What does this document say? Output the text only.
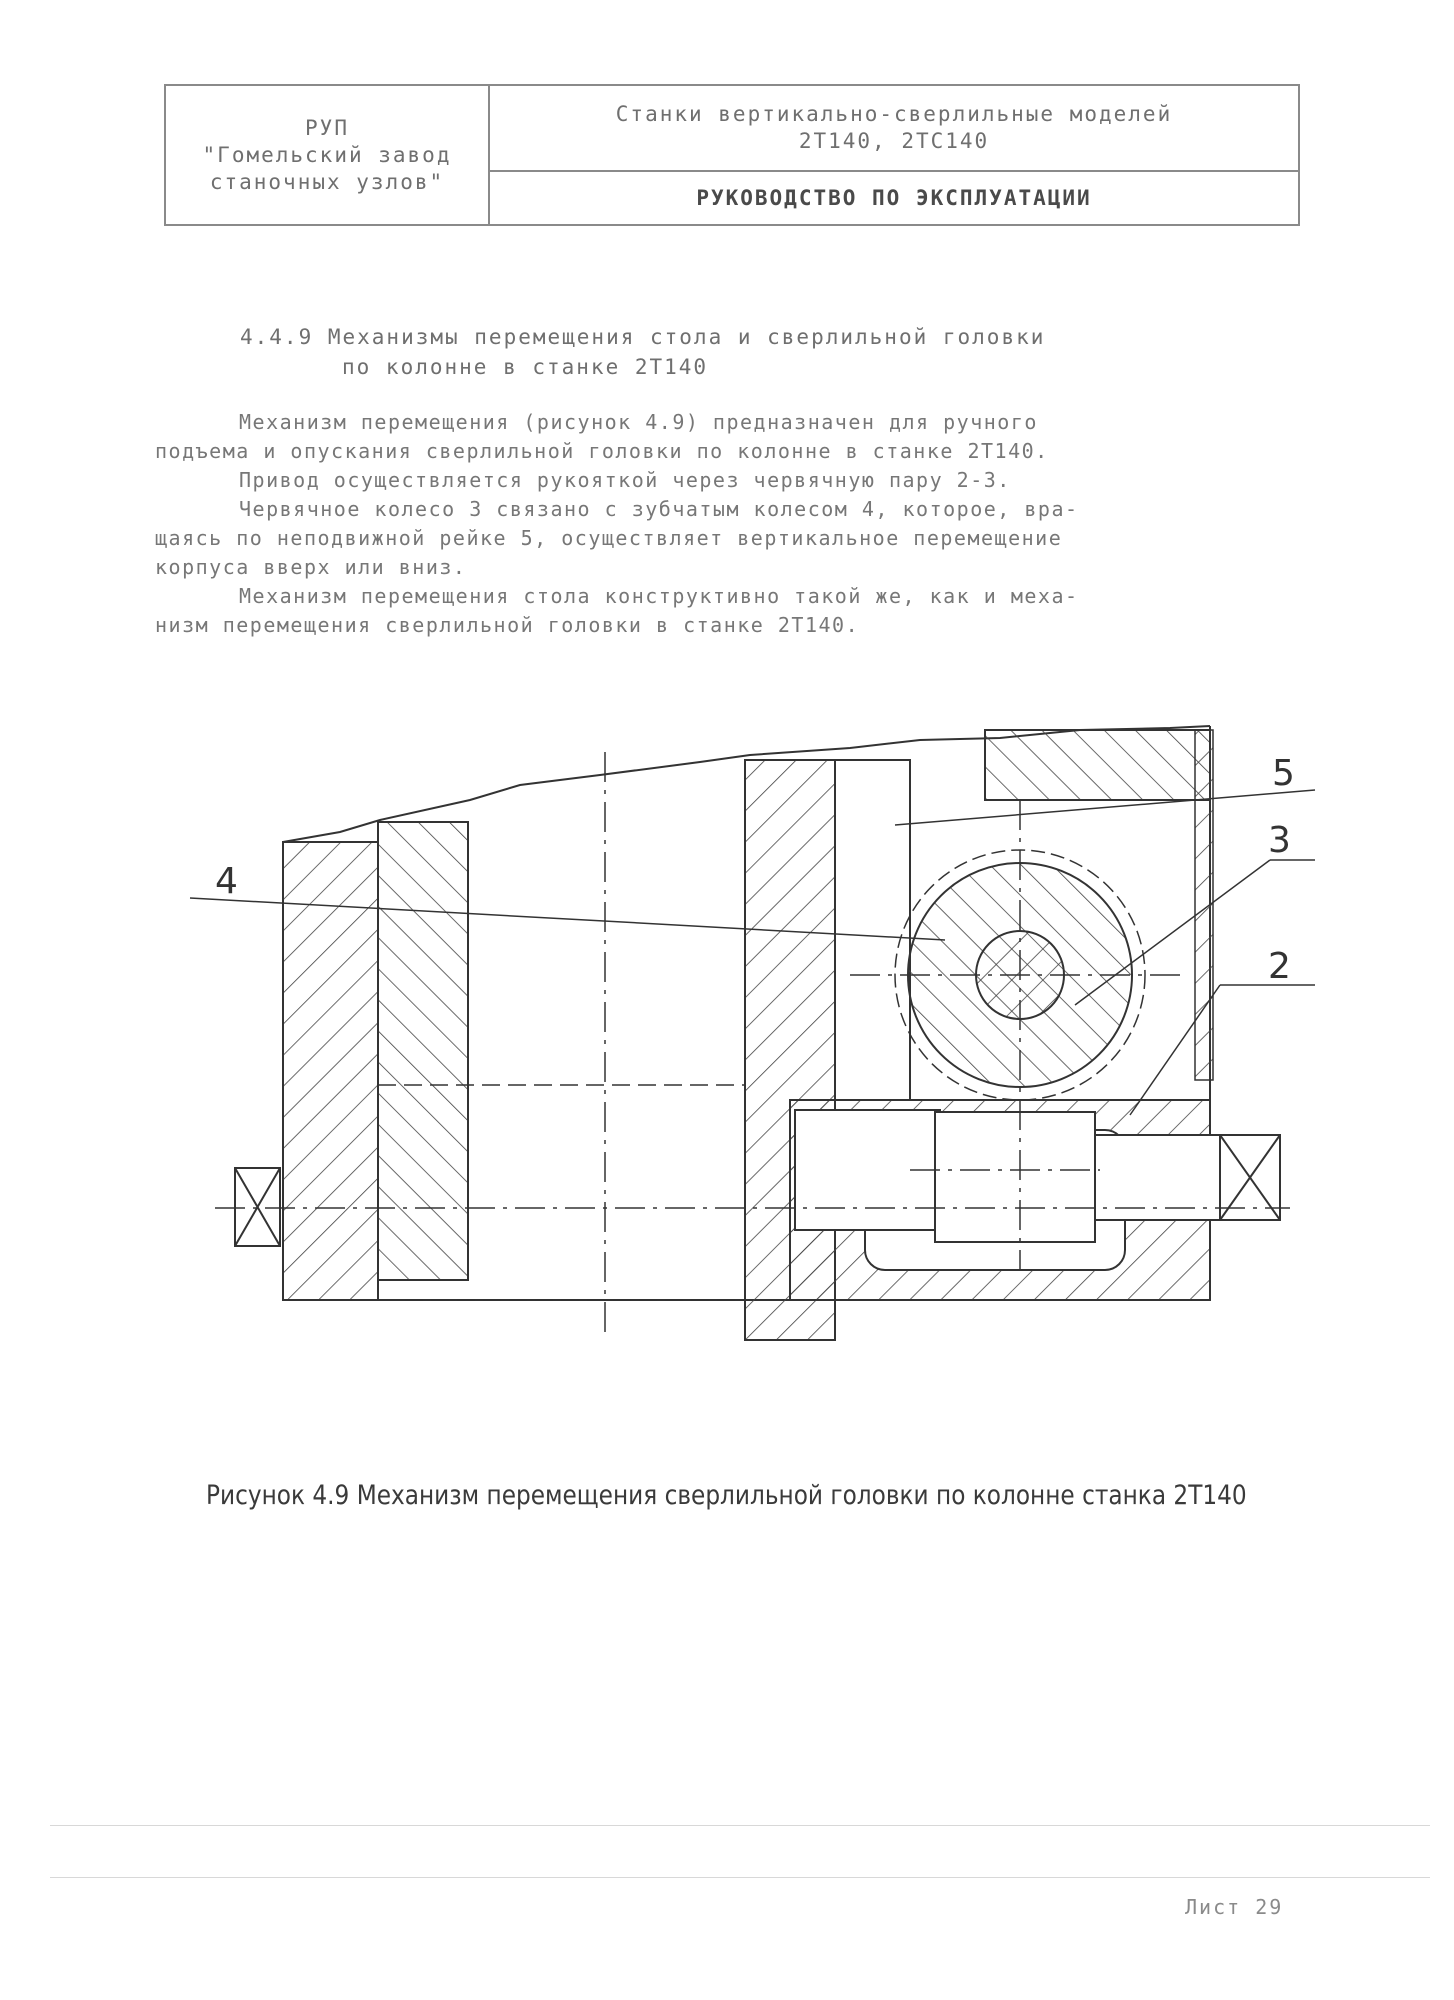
РУП
"Гомельский завод
станочных узлов"
Станки вертикально-сверлильные моделей
2Т140, 2ТС140
РУКОВОДСТВО ПО ЭКСПЛУАТАЦИИ
4.4.9 Механизмы перемещения стола и сверлильной головки
по колонне в станке 2Т140

Механизм перемещения (рисунок 4.9) предназначен для ручного

подъема и опускания сверлильной головки по колонне в станке 2Т140.

Привод осуществляется рукояткой через червячную пару 2-3.

Червячное колесо 3 связано с зубчатым колесом 4, которое, вра-

щаясь по неподвижной рейке 5, осуществляет вертикальное перемещение

корпуса вверх или вниз.

Механизм перемещения стола конструктивно такой же, как и меха-

низм перемещения сверлильной головки в станке 2Т140.

5
3
4
2
Рисунок 4.9 Механизм перемещения сверлильной головки по колонне станка 2Т140
Лист 29
